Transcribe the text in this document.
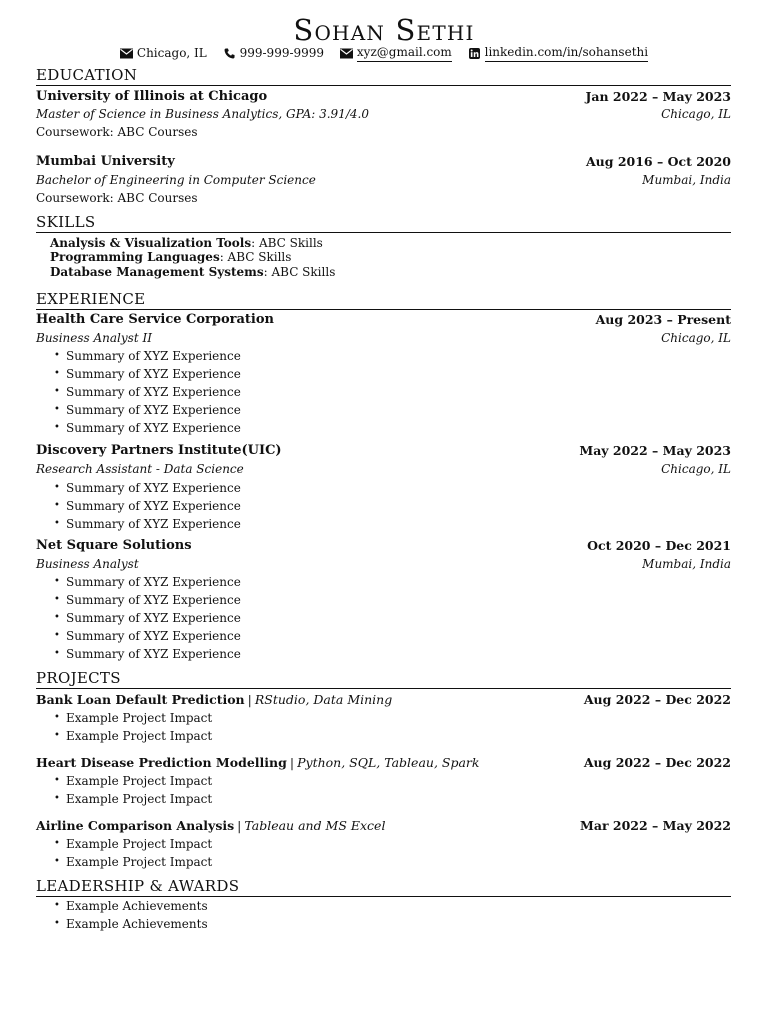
Sohan Sethi
Chicago, IL
	999-999-9999
	xyz@gmail.com
	linkedin.com/in/sohansethi
EDUCATION
University of Illinois at Chicago	Jan 2022 – May 2023
Master of Science in Business Analytics, GPA: 3.91/4.0	Chicago, IL
Coursework: ABC Courses
Mumbai University	Aug 2016 – Oct 2020
Bachelor of Engineering in Computer Science	Mumbai, India
Coursework: ABC Courses
SKILLS
Analysis & Visualization Tools: ABC Skills
Programming Languages: ABC Skills
Database Management Systems: ABC Skills
EXPERIENCE
Health Care Service Corporation	Aug 2023 – Present
Business Analyst II	Chicago, IL
• Summary of XYZ Experience
• Summary of XYZ Experience
• Summary of XYZ Experience
• Summary of XYZ Experience
• Summary of XYZ Experience
Discovery Partners Institute(UIC)	May 2022 – May 2023
Research Assistant - Data Science	Chicago, IL
• Summary of XYZ Experience
• Summary of XYZ Experience
• Summary of XYZ Experience
Net Square Solutions	Oct 2020 – Dec 2021
Business Analyst	Mumbai, India
• Summary of XYZ Experience
• Summary of XYZ Experience
• Summary of XYZ Experience
• Summary of XYZ Experience
• Summary of XYZ Experience
PROJECTS
Bank Loan Default Prediction | RStudio, Data Mining	Aug 2022 – Dec 2022
• Example Project Impact
• Example Project Impact
Heart Disease Prediction Modelling | Python, SQL, Tableau, Spark	Aug 2022 – Dec 2022
• Example Project Impact
• Example Project Impact
Airline Comparison Analysis | Tableau and MS Excel	Mar 2022 – May 2022
• Example Project Impact
• Example Project Impact
LEADERSHIP & AWARDS
• Example Achievements
• Example Achievements
